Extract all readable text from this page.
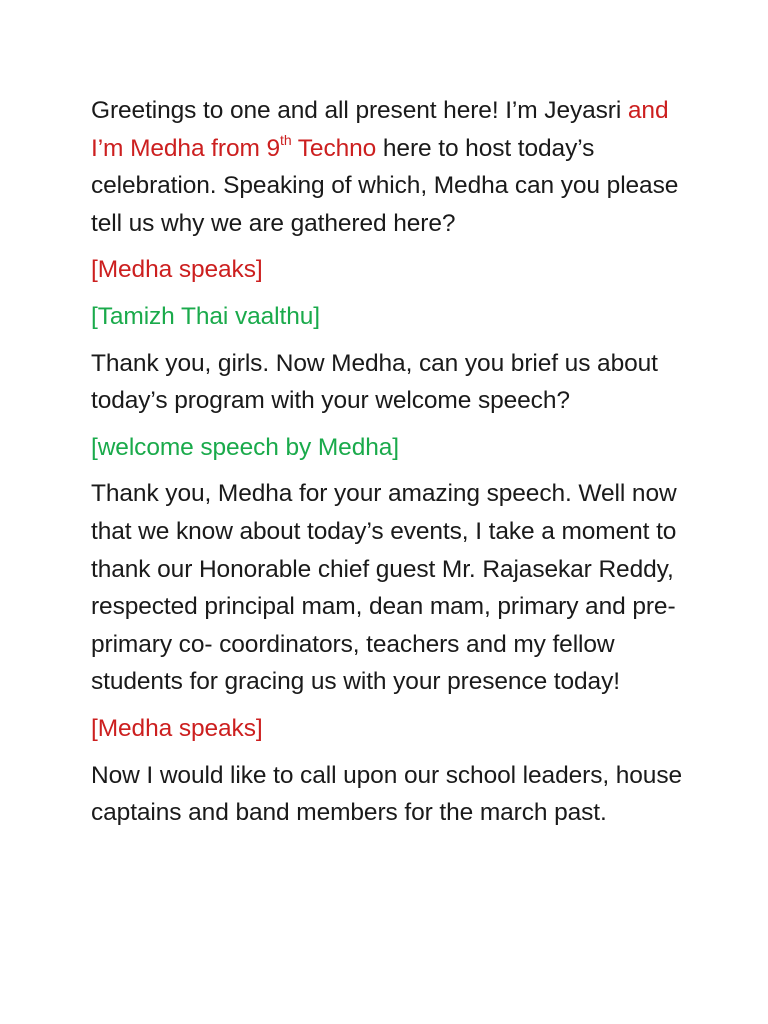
Greetings to one and all present here! I’m Jeyasri and I’m Medha from 9th Techno here to host today’s celebration. Speaking of which, Medha can you please tell us why we are gathered here?

[Medha speaks]

[Tamizh Thai vaalthu]

Thank you, girls. Now Medha, can you brief us about today’s program with your welcome speech?

[welcome speech by Medha]

Thank you, Medha for your amazing speech. Well now that we know about today’s events, I take a moment to thank our Honorable chief guest Mr. Rajasekar Reddy, respected principal mam, dean mam, primary and pre-primary co- coordinators, teachers and my fellow students for gracing us with your presence today!

[Medha speaks]

Now I would like to call upon our school leaders, house captains and band members for the march past.
